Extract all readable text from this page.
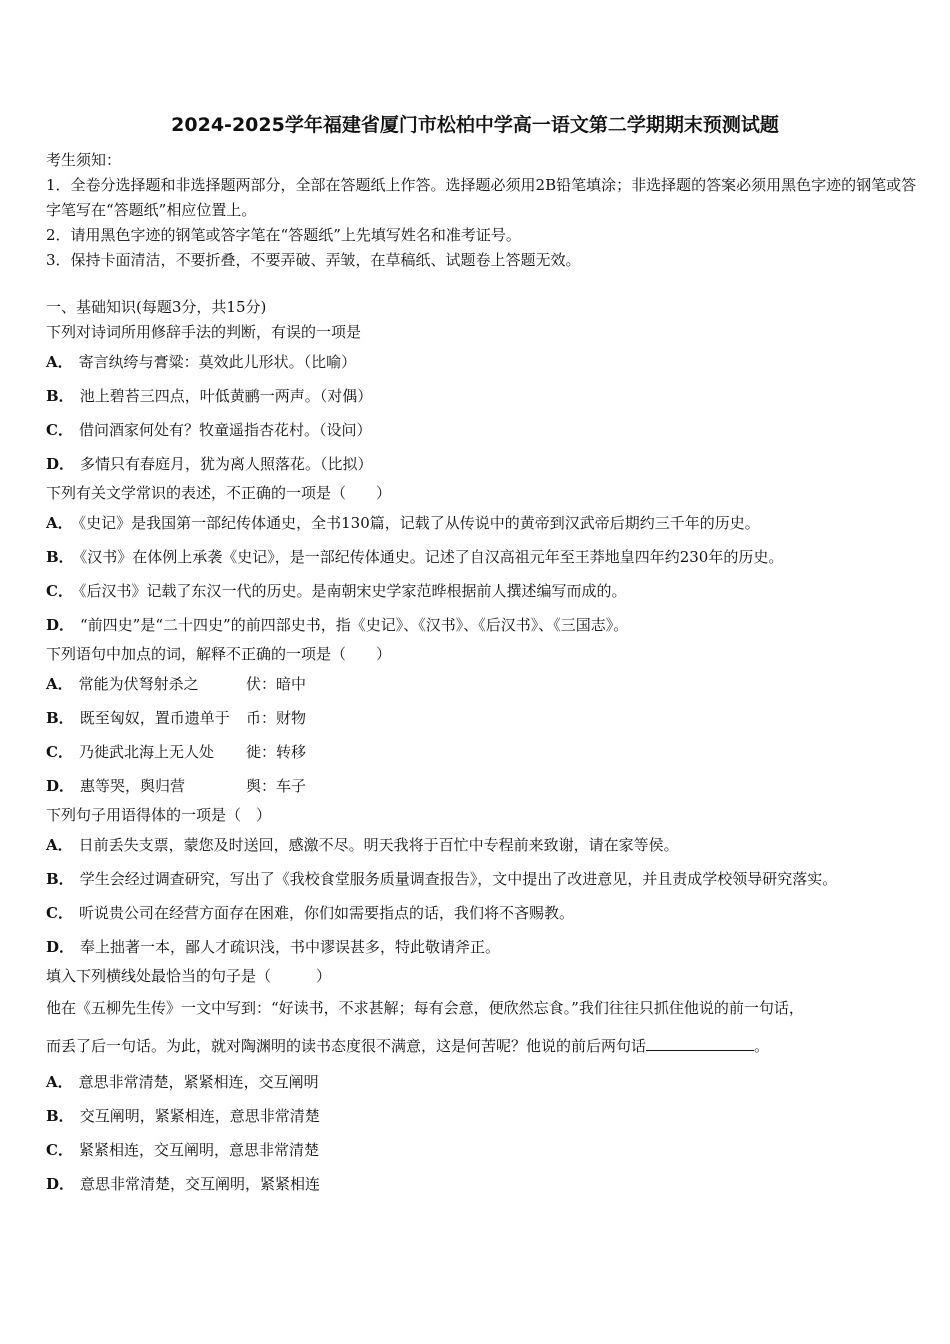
2024-2025学年福建省厦门市松柏中学高一语文第二学期期末预测试题

考生须知：

1．全卷分选择题和非选择题两部分，全部在答题纸上作答。选择题必须用2B铅笔填涂；非选择题的答案必须用黑色字迹的钢笔或答字笔写在“答题纸”相应位置上。

2．请用黑色字迹的钢笔或答字笔在“答题纸”上先填写姓名和准考证号。

3．保持卡面清洁，不要折叠，不要弄破、弄皱，在草稿纸、试题卷上答题无效。

一、基础知识(每题3分，共15分)

下列对诗词所用修辞手法的判断，有误的一项是

A． 寄言纨绔与膏粱：莫效此儿形状。（比喻）

B． 池上碧苔三四点，叶低黄鹂一两声。（对偶）

C． 借问酒家何处有？牧童遥指杏花村。（设问）

D． 多情只有春庭月，犹为离人照落花。（比拟）

下列有关文学常识的表述，不正确的一项是（　　）

A． 《史记》是我国第一部纪传体通史，全书130篇，记载了从传说中的黄帝到汉武帝后期约三千年的历史。

B． 《汉书》在体例上承袭《史记》，是一部纪传体通史。记述了自汉高祖元年至王莽地皇四年约230年的历史。

C． 《后汉书》记载了东汉一代的历史。是南朝宋史学家范晔根据前人撰述编写而成的。

D． “前四史”是“二十四史”的前四部史书，指《史记》、《汉书》、《后汉书》、《三国志》。

下列语句中加点的词，解释不正确的一项是（　　）

A． 常能为伏弩射杀之	伏：暗中

B． 既至匈奴，置币遗单于 币：财物

C． 乃徙武北海上无人处 徙：转移

D． 惠等哭，舆归营	舆：车子

下列句子用语得体的一项是（　）

A． 日前丢失支票，蒙您及时送回，感激不尽。明天我将于百忙中专程前来致谢，请在家等侯。

B． 学生会经过调查研究，写出了《我校食堂服务质量调查报告》，文中提出了改进意见，并且责成学校领导研究落实。

C． 听说贵公司在经营方面存在困难，你们如需要指点的话，我们将不吝赐教。

D． 奉上拙著一本，鄙人才疏识浅，书中谬误甚多，特此敬请斧正。

填入下列横线处最恰当的句子是（　　　）

他在《五柳先生传》一文中写到：“好读书，不求甚解；每有会意，便欣然忘食。”我们往往只抓住他说的前一句话，

而丢了后一句话。为此，就对陶渊明的读书态度很不满意，这是何苦呢？他说的前后两句话	。

A． 意思非常清楚，紧紧相连，交互阐明

B． 交互阐明，紧紧相连，意思非常清楚

C． 紧紧相连，交互阐明，意思非常清楚

D． 意思非常清楚，交互阐明，紧紧相连
